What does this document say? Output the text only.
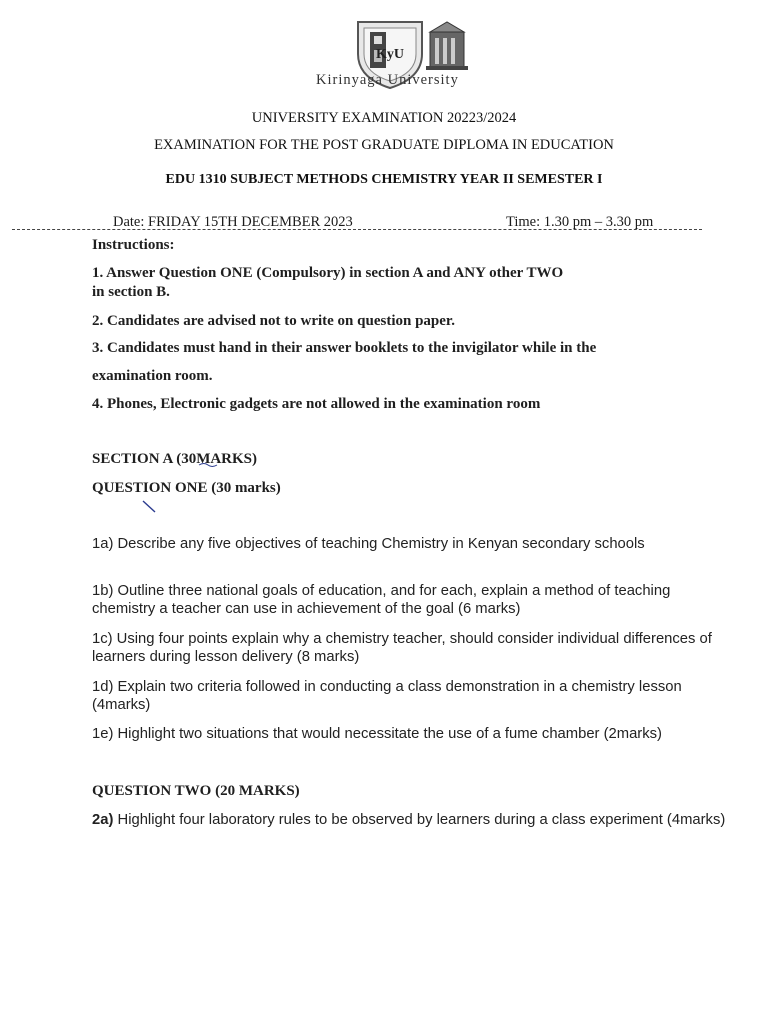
KyU
Kirinyaga University
UNIVERSITY EXAMINATION 20223/2024
EXAMINATION FOR THE POST GRADUATE DIPLOMA IN EDUCATION
EDU 1310 SUBJECT METHODS CHEMISTRY YEAR II SEMESTER I
Date: FRIDAY 15TH DECEMBER 2023	Time: 1.30 pm – 3.30 pm
Instructions:
1. Answer Question ONE (Compulsory) in section A and ANY other TWO
in section B.
2. Candidates are advised not to write on question paper.
3. Candidates must hand in their answer booklets to the invigilator while in the
examination room.
4. Phones, Electronic gadgets are not allowed in the examination room
SECTION A (30MARKS)
QUESTION ONE (30 marks)
1a) Describe any five objectives of teaching Chemistry in Kenyan secondary schools
1b) Outline three national goals of education, and for each, explain a method of teaching chemistry a teacher can use in achievement of the goal (6 marks)
1c) Using four points explain why a chemistry teacher, should consider individual differences of learners during lesson delivery (8 marks)
1d) Explain two criteria followed in conducting a class demonstration in a chemistry lesson (4marks)
1e) Highlight two situations that would necessitate the use of a fume chamber (2marks)
QUESTION TWO (20 MARKS)
2a) Highlight four laboratory rules to be observed by learners during a class experiment (4marks)
